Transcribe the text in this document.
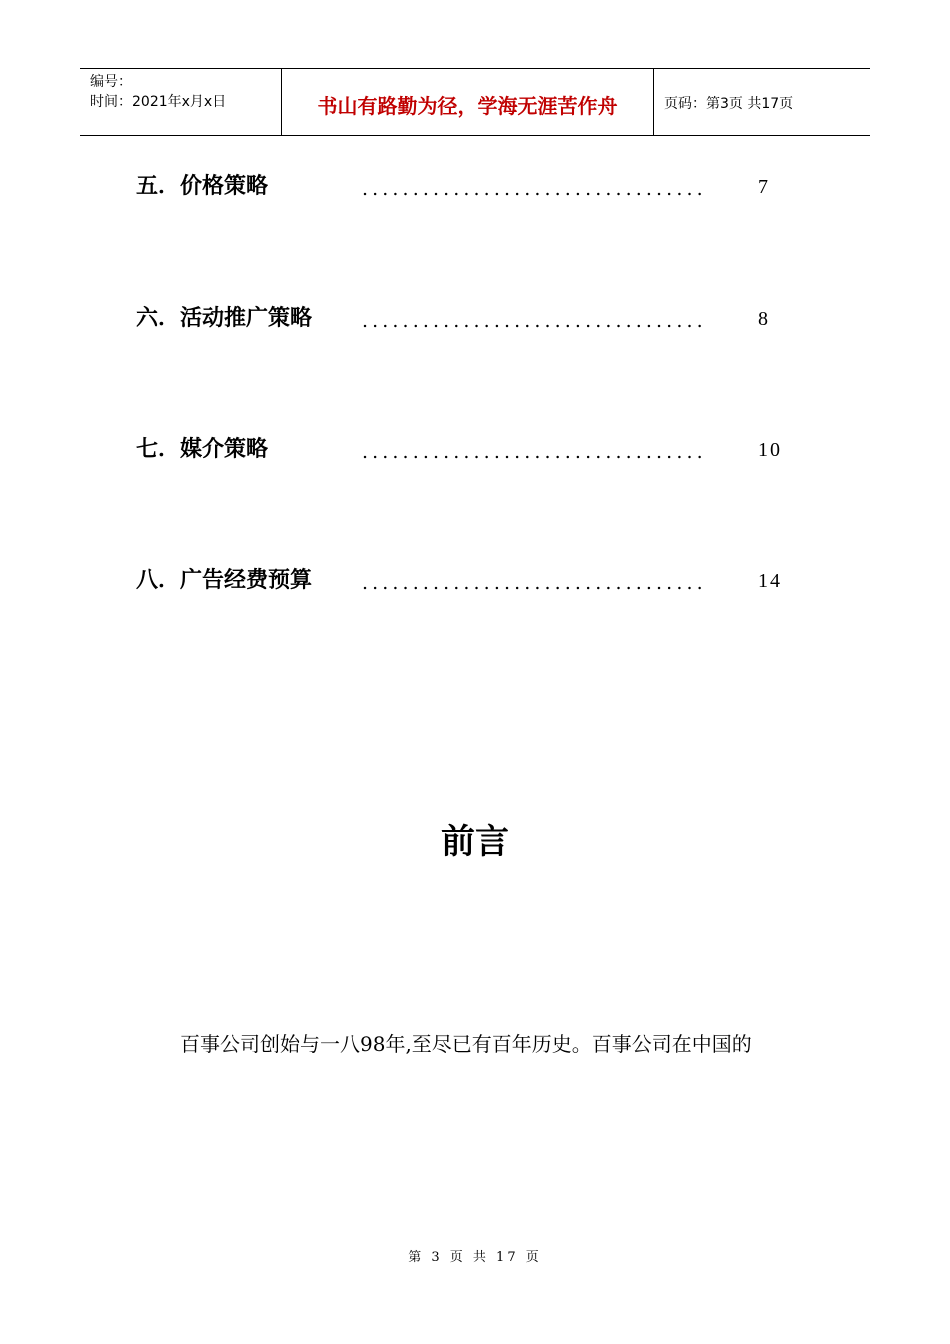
编号：
时间：2021年x月x日	书山有路勤为径，学海无涯苦作舟	页码：第3页 共17页
五．价格策略	..................................	7
六．活动推广策略	..................................	8
七．媒介策略	..................................	10
八．广告经费预算	..................................	14
前言
百事公司创始与一八98年,至尽已有百年历史。百事公司在中国的
第 3 页 共 17 页
